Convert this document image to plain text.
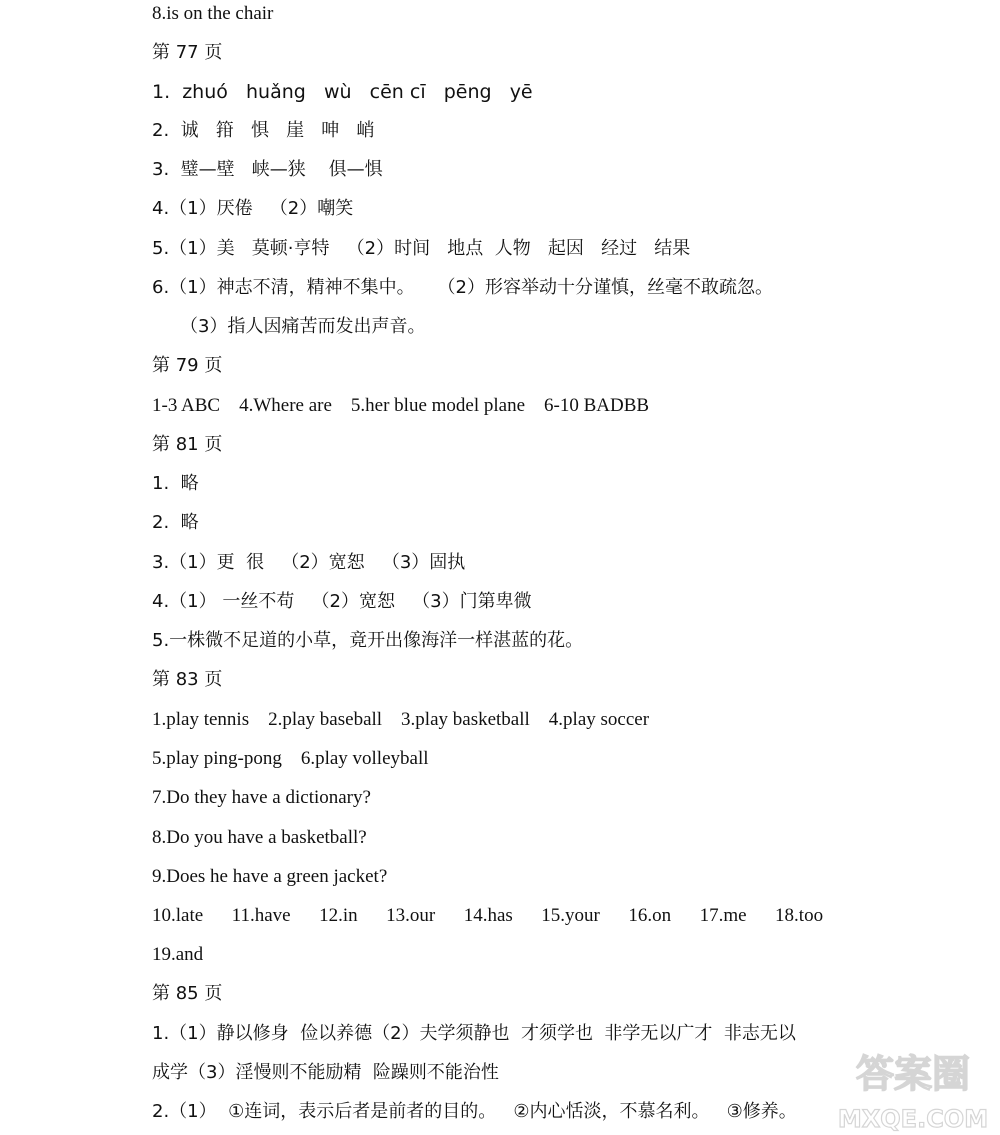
8.is on the chair
第 77 页
1.  zhuó   huǎng   wù   cēn cī   pēng   yē
2.  诚   箝   惧   崖   呻   峭
3.  璧—壁   峡—狭    俱—惧
4.（1）厌倦   （2）嘲笑
5.（1）美   莫顿·亨特   （2）时间   地点  人物   起因   经过   结果
6.（1）神志不清，精神不集中。    （2）形容举动十分谨慎，丝毫不敢疏忽。
（3）指人因痛苦而发出声音。
第 79 页
1-3 ABC    4.Where are    5.her blue model plane    6-10 BADBB
第 81 页
1.  略
2.  略
3.（1）更  很   （2）宽恕   （3）固执
4.（1） 一丝不苟   （2）宽恕   （3）门第卑微
5.一株微不足道的小草，竟开出像海洋一样湛蓝的花。
第 83 页
1.play tennis    2.play baseball    3.play basketball    4.play soccer
5.play ping-pong    6.play volleyball
7.Do they have a dictionary?
8.Do you have a basketball?
9.Does he have a green jacket?
10.late      11.have      12.in      13.our      14.has      15.your      16.on      17.me      18.too
19.and
第 85 页
1.（1）静以修身  俭以养德（2）夫学须静也  才须学也  非学无以广才  非志无以
成学（3）淫慢则不能励精  险躁则不能治性
2.（1）  ①连词，表示后者是前者的目的。   ②内心恬淡，不慕名利。   ③修养。
答案圈
MXQE.COM
